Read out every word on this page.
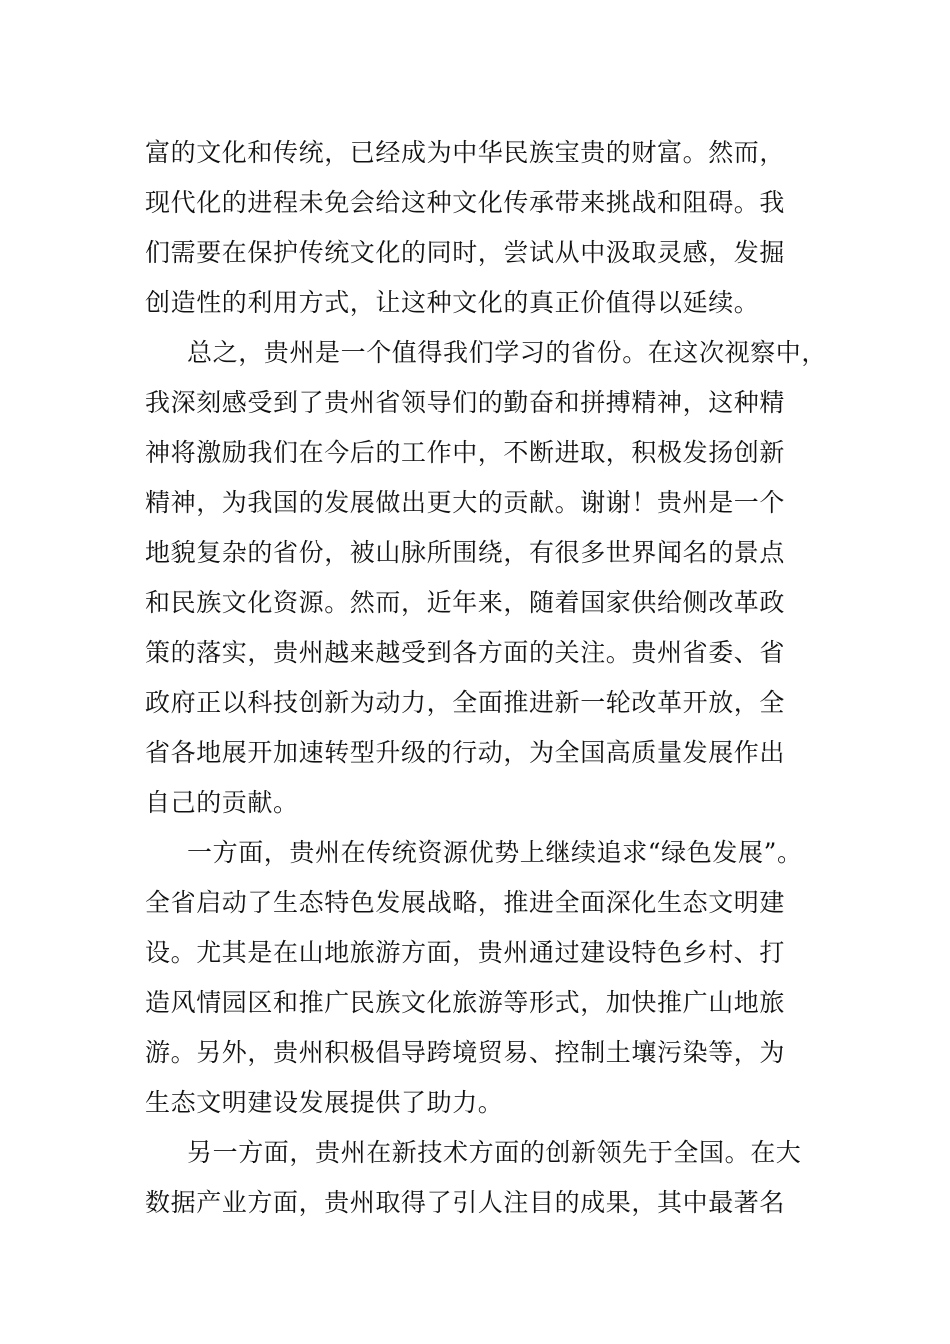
富的文化和传统，已经成为中华民族宝贵的财富。然而，
现代化的进程未免会给这种文化传承带来挑战和阻碍。我
们需要在保护传统文化的同时，尝试从中汲取灵感，发掘
创造性的利用方式，让这种文化的真正价值得以延续。
总之，贵州是一个值得我们学习的省份。在这次视察中，
我深刻感受到了贵州省领导们的勤奋和拼搏精神，这种精
神将激励我们在今后的工作中，不断进取，积极发扬创新
精神，为我国的发展做出更大的贡献。谢谢！贵州是一个
地貌复杂的省份，被山脉所围绕，有很多世界闻名的景点
和民族文化资源。然而，近年来，随着国家供给侧改革政
策的落实，贵州越来越受到各方面的关注。贵州省委、省
政府正以科技创新为动力，全面推进新一轮改革开放，全
省各地展开加速转型升级的行动，为全国高质量发展作出
自己的贡献。
一方面，贵州在传统资源优势上继续追求“绿色发展”。
全省启动了生态特色发展战略，推进全面深化生态文明建
设。尤其是在山地旅游方面，贵州通过建设特色乡村、打
造风情园区和推广民族文化旅游等形式，加快推广山地旅
游。另外，贵州积极倡导跨境贸易、控制土壤污染等，为
生态文明建设发展提供了助力。
另一方面，贵州在新技术方面的创新领先于全国。在大
数据产业方面，贵州取得了引人注目的成果，其中最著名
